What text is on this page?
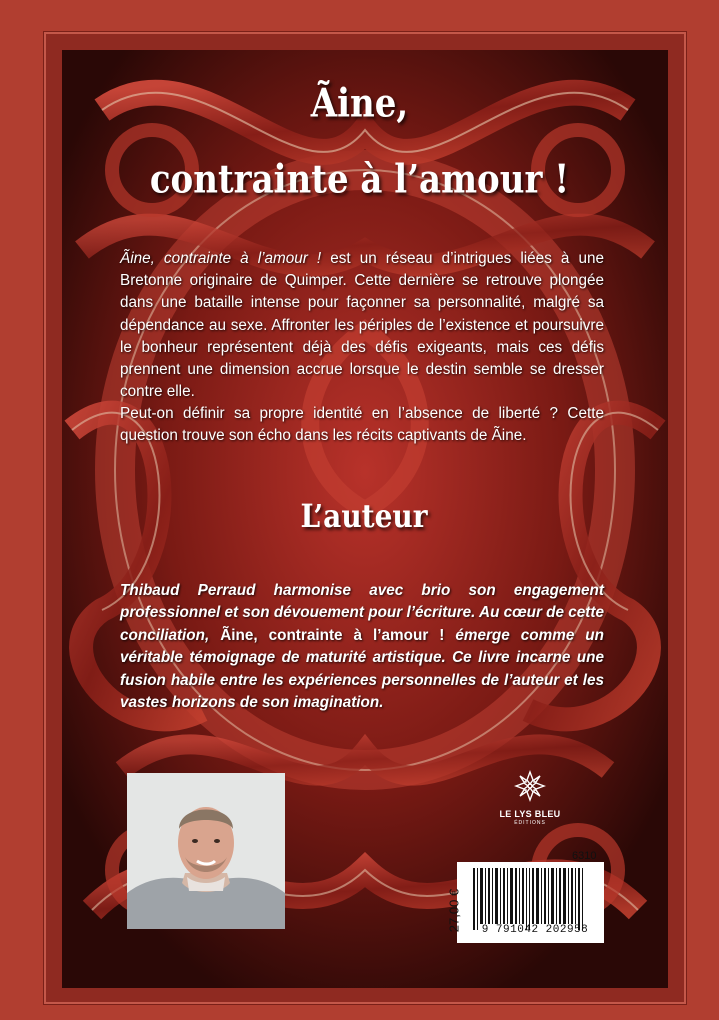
Ãine,
contrainte à l’amour !
Ãine, contrainte à l’amour ! est un réseau d’intrigues liées à une Bretonne originaire de Quimper. Cette dernière se retrouve plongée dans une bataille intense pour façonner sa personnalité, malgré sa dépendance au sexe. Affronter les périples de l’existence et poursuivre le bonheur représentent déjà des défis exigeants, mais ces défis prennent une dimension accrue lorsque le destin semble se dresser contre elle.
Peut-on définir sa propre identité en l’absence de liberté ? Cette question trouve son écho dans les récits captivants de Ãine.
L’auteur
Thibaud Perraud harmonise avec brio son engagement professionnel et son dévouement pour l’écriture. Au cœur de cette conciliation, Ãine, contrainte à l’amour ! émerge comme un véritable témoignage de maturité artistique. Ce livre incarne une fusion habile entre les expériences personnelles de l’auteur et les vastes horizons de son imagination.
LE LYS BLEU
ÉDITIONS
6310
27,00 €	9 791042 202958
